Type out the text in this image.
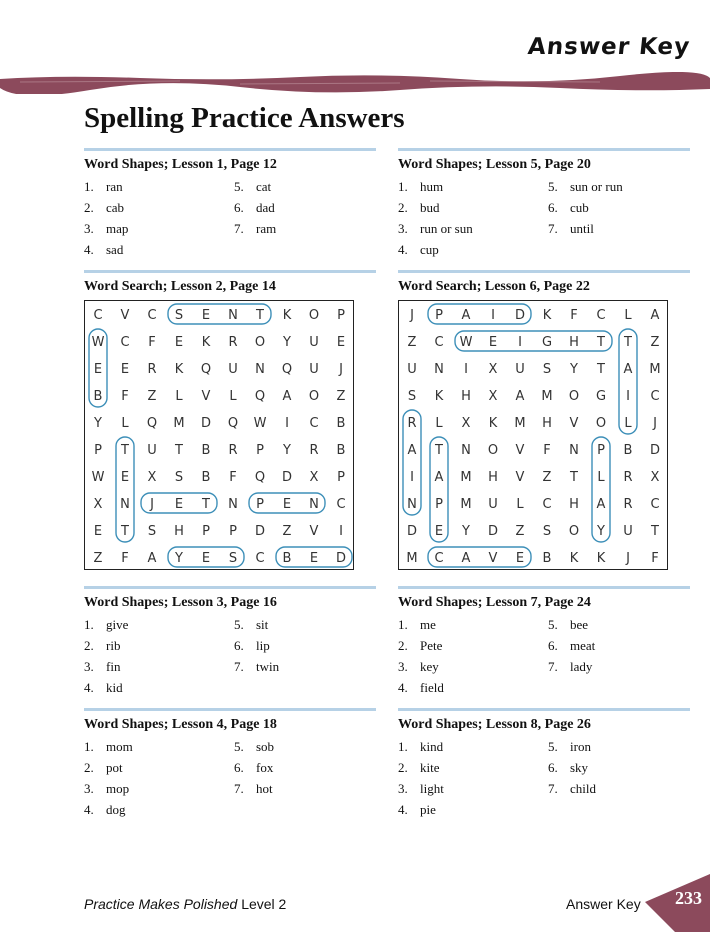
Answer Key
Spelling Practice Answers
Word Shapes; Lesson 1, Page 12
1. ran
2. cab
3. map
4. sad
5. cat
6. dad
7. ram
Word Shapes; Lesson 5, Page 20
1. hum
2. bud
3. run or sun
4. cup
5. sun or run
6. cub
7. until
Word Search; Lesson 2, Page 14
C V C S E N T K O P
W C F E K R O Y U E
E E R K Q U N Q U J
B F Z L V L Q A O Z
Y L Q M D Q W I C B
P T U T B R P Y R B
W E X S B F Q D X P
X N J E T N P E N C
E T S H P P D Z V I
Z F A Y E S C B E D
Word Search; Lesson 6, Page 22
J P A I D K F C L A
Z C W E I G H T T Z
U N I X U S Y T A M
S K H X A M O G I C
R L X K M H V O L J
A T N O V F N P B D
I A M H V Z T L R X
N P M U L C H A R C
D E Y D Z S O Y U T
M C A V E B K K J F
Word Shapes; Lesson 3, Page 16
1. give
2. rib
3. fin
4. kid
5. sit
6. lip
7. twin
Word Shapes; Lesson 7, Page 24
1. me
2. Pete
3. key
4. field
5. bee
6. meat
7. lady
Word Shapes; Lesson 4, Page 18
1. mom
2. pot
3. mop
4. dog
5. sob
6. fox
7. hot
Word Shapes; Lesson 8, Page 26
1. kind
2. kite
3. light
4. pie
5. iron
6. sky
7. child
Practice Makes Polished Level 2	Answer Key 233
